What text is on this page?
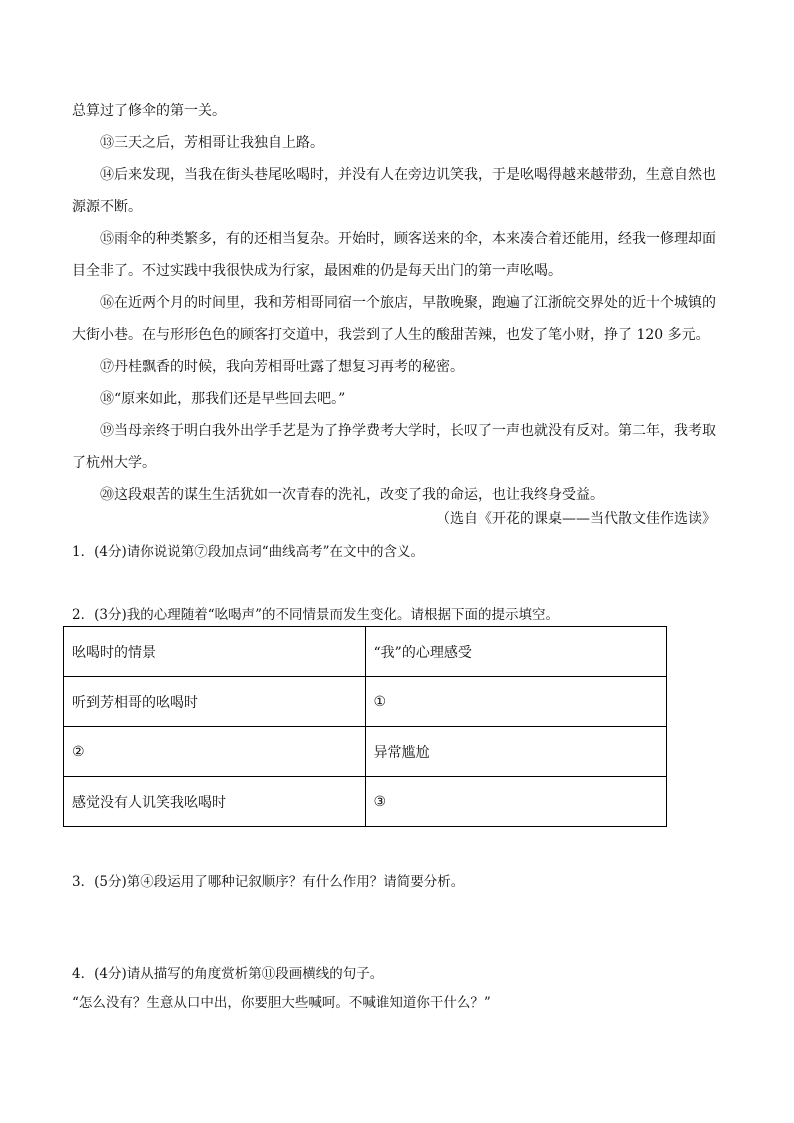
总算过了修伞的第一关。
⑬三天之后，芳相哥让我独自上路。
⑭后来发现，当我在街头巷尾吆喝时，并没有人在旁边讥笑我，于是吆喝得越来越带劲，生意自然也
源源不断。
⑮雨伞的种类繁多，有的还相当复杂。开始时，顾客送来的伞，本来凑合着还能用，经我一修理却面
目全非了。不过实践中我很快成为行家，最困难的仍是每天出门的第一声吆喝。
⑯在近两个月的时间里，我和芳相哥同宿一个旅店，早散晚聚，跑遍了江浙皖交界处的近十个城镇的
大街小巷。在与形形色色的顾客打交道中，我尝到了人生的酸甜苦辣，也发了笔小财，挣了 120 多元。
⑰丹桂飘香的时候，我向芳相哥吐露了想复习再考的秘密。
⑱“原来如此，那我们还是早些回去吧。”
⑲当母亲终于明白我外出学手艺是为了挣学费考大学时，长叹了一声也就没有反对。第二年，我考取
了杭州大学。
⑳这段艰苦的谋生生活犹如一次青春的洗礼，改变了我的命运，也让我终身受益。
（选自《开花的课桌——当代散文佳作选读》
1．(4分)请你说说第⑦段加点词“曲线高考”在文中的含义。
2．(3分)我的心理随着“吆喝声”的不同情景而发生变化。请根据下面的提示填空。
吆喝时的情景	“我”的心理感受
听到芳相哥的吆喝时	①
②	异常尴尬
感觉没有人讥笑我吆喝时	③
3．(5分)第④段运用了哪种记叙顺序？有什么作用？请简要分析。
4．(4分)请从描写的角度赏析第⑪段画横线的句子。
“怎么没有？生意从口中出，你要胆大些喊呵。不喊谁知道你干什么？”
